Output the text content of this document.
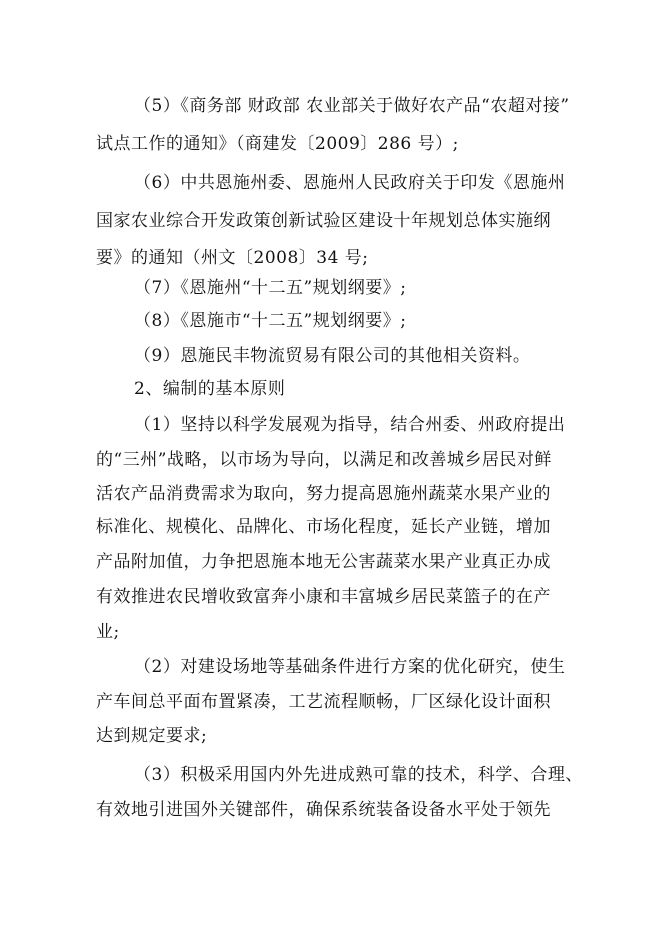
（5）《商务部 财政部 农业部关于做好农产品“农超对接”
试点工作的通知》（商建发〔2009〕286 号）;
（6）中共恩施州委、恩施州人民政府关于印发《恩施州
国家农业综合开发政策创新试验区建设十年规划总体实施纲
要》的通知（州文〔2008〕34 号;
（7）《恩施州“十二五”规划纲要》;
（8）《恩施市“十二五”规划纲要》;
（9）恩施民丰物流贸易有限公司的其他相关资料。
2、编制的基本原则
（1）坚持以科学发展观为指导，结合州委、州政府提出
的“三州”战略，以市场为导向，以满足和改善城乡居民对鲜
活农产品消费需求为取向，努力提高恩施州蔬菜水果产业的
标准化、规模化、品牌化、市场化程度，延长产业链，增加
产品附加值，力争把恩施本地无公害蔬菜水果产业真正办成
有效推进农民增收致富奔小康和丰富城乡居民菜篮子的在产
业;
（2）对建设场地等基础条件进行方案的优化研究，使生
产车间总平面布置紧凑，工艺流程顺畅，厂区绿化设计面积
达到规定要求;
（3）积极采用国内外先进成熟可靠的技术，科学、合理、
有效地引进国外关键部件，确保系统装备设备水平处于领先
